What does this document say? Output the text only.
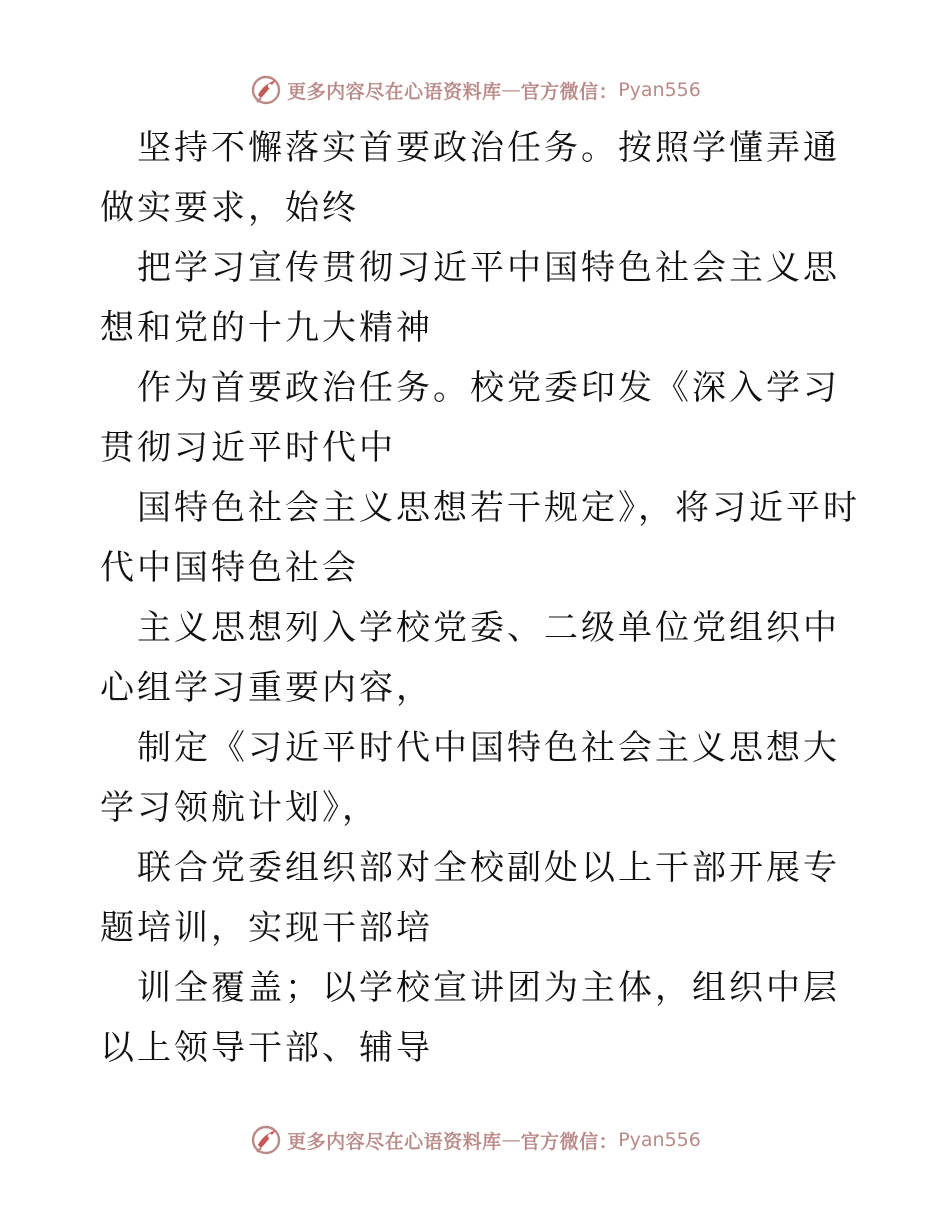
更多内容尽在心语资料库 — 官方微信： Pyan556

坚持不懈落实首要政治任务。按照学懂弄通做实要求，始终

把学习宣传贯彻习近平中国特色社会主义思想和党的十九大精神

作为首要政治任务。校党委印发《深入学习贯彻习近平时代中

国特色社会主义思想若干规定》，将习近平时代中国特色社会

主义思想列入学校党委、二级单位党组织中心组学习重要内容，

制定《习近平时代中国特色社会主义思想大学习领航计划》，

联合党委组织部对全校副处以上干部开展专题培训，实现干部培

训全覆盖；以学校宣讲团为主体，组织中层以上领导干部、辅导

更多内容尽在心语资料库 — 官方微信： Pyan556
